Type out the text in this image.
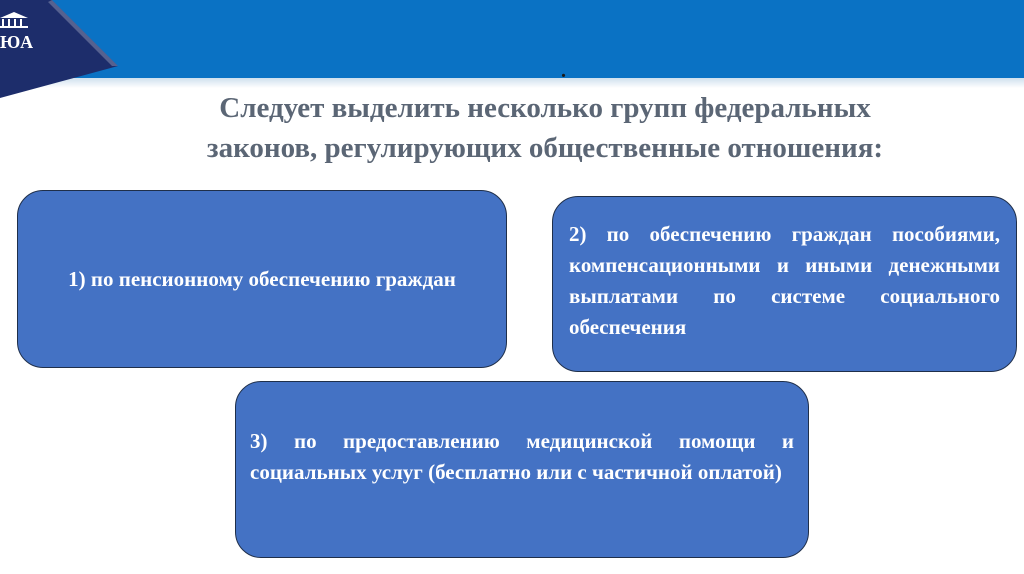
ЮА
.
Следует выделить несколько групп федеральных
законов, регулирующих общественные отношения:
1) по пенсионному обеспечению граждан
2) по обеспечению граждан пособиями, компенсационными и иными денежными выплатами по системе социального обеспечения
3) по предоставлению медицинской помощи и социальных услуг (бесплатно или с частичной оплатой)
